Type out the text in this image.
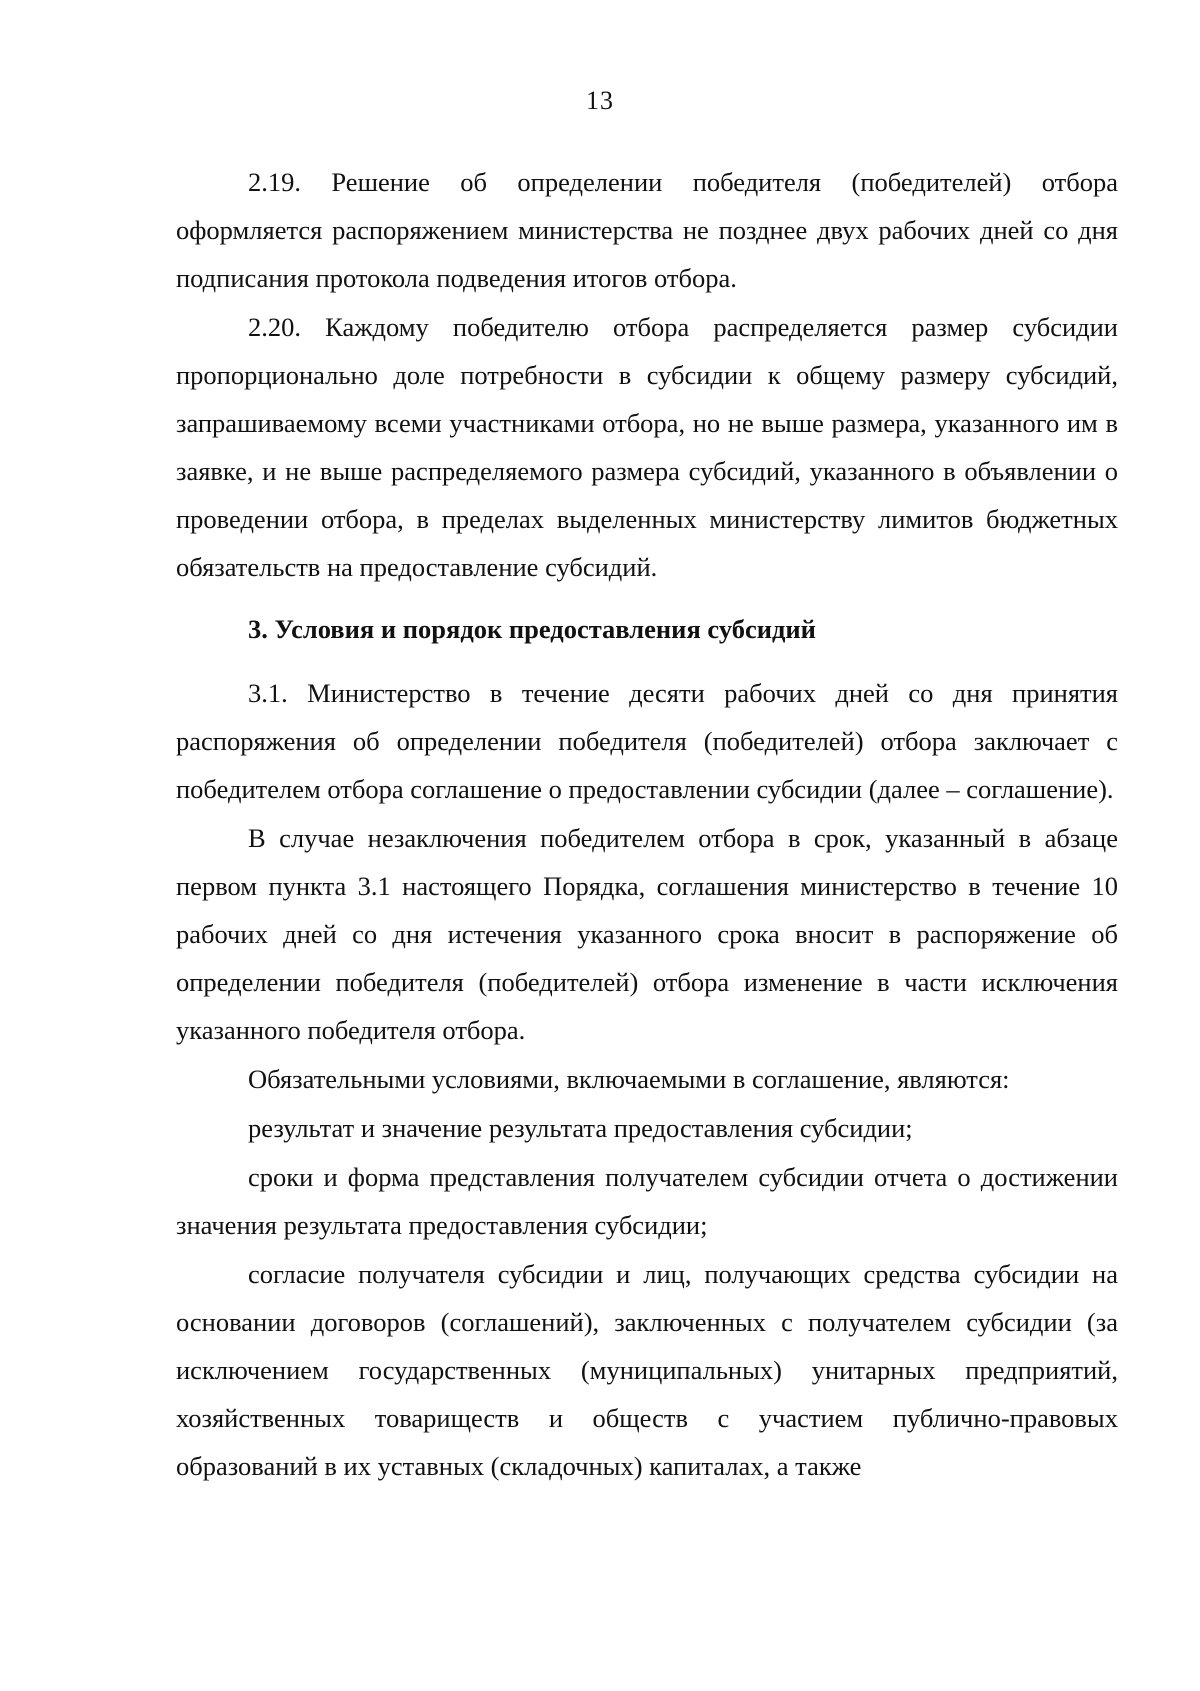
13

2.19. Решение об определении победителя (победителей) отбора оформляется распоряжением министерства не позднее двух рабочих дней со дня подписания протокола подведения итогов отбора.

2.20. Каждому победителю отбора распределяется размер субсидии пропорционально доле потребности в субсидии к общему размеру субсидий, запрашиваемому всеми участниками отбора, но не выше размера, указанного им в заявке, и не выше распределяемого размера субсидий, указанного в объявлении о проведении отбора, в пределах выделенных министерству лимитов бюджетных обязательств на предоставление субсидий.

3. Условия и порядок предоставления субсидий

3.1. Министерство в течение десяти рабочих дней со дня принятия распоряжения об определении победителя (победителей) отбора заключает с победителем отбора соглашение о предоставлении субсидии (далее – соглашение).

В случае незаключения победителем отбора в срок, указанный в абзаце первом пункта 3.1 настоящего Порядка, соглашения министерство в течение 10 рабочих дней со дня истечения указанного срока вносит в распоряжение об определении победителя (победителей) отбора изменение в части исключения указанного победителя отбора.

Обязательными условиями, включаемыми в соглашение, являются:

результат и значение результата предоставления субсидии;

сроки и форма представления получателем субсидии отчета о достижении значения результата предоставления субсидии;

согласие получателя субсидии и лиц, получающих средства субсидии на основании договоров (соглашений), заключенных с получателем субсидии (за исключением государственных (муниципальных) унитарных предприятий, хозяйственных товариществ и обществ с участием публично-правовых образований в их уставных (складочных) капиталах, а также
